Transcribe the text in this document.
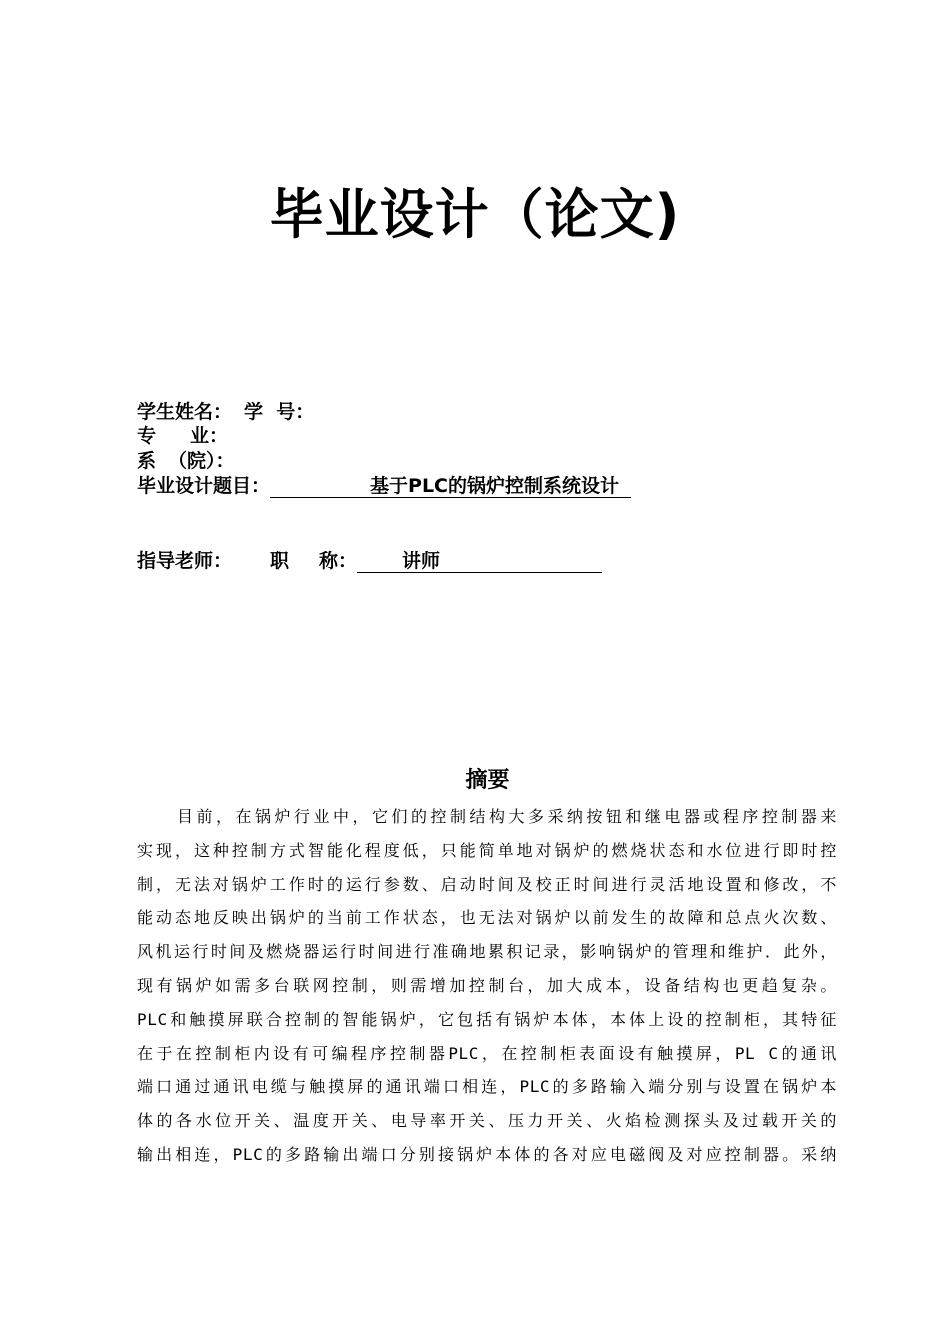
毕业设计（论文)
学生姓名： 学  号：
专 业：
系 （院）：
毕业设计题目：	基于PLC的锅炉控制系统设计
指导老师： 职 称： 讲师
摘要
目前，在锅炉行业中，它们的控制结构大多采纳按钮和继电器或程序控制器来
实现，这种控制方式智能化程度低，只能简单地对锅炉的燃烧状态和水位进行即时控
制，无法对锅炉工作时的运行参数、启动时间及校正时间进行灵活地设置和修改，不
能动态地反映出锅炉的当前工作状态，也无法对锅炉以前发生的故障和总点火次数、
风机运行时间及燃烧器运行时间进行准确地累积记录，影响锅炉的管理和维护．此外，
现有锅炉如需多台联网控制，则需增加控制台，加大成本，设备结构也更趋复杂。
PLC和触摸屏联合控制的智能锅炉，它包括有锅炉本体，本体上设的控制柜，其特征
在于在控制柜内设有可编程序控制器PLC，在控制柜表面设有触摸屏，PL C的通讯
端口通过通讯电缆与触摸屏的通讯端口相连，PLC的多路输入端分别与设置在锅炉本
体的各水位开关、温度开关、电导率开关、压力开关、火焰检测探头及过载开关的
输出相连，PLC的多路输出端口分别接锅炉本体的各对应电磁阀及对应控制器。采纳
